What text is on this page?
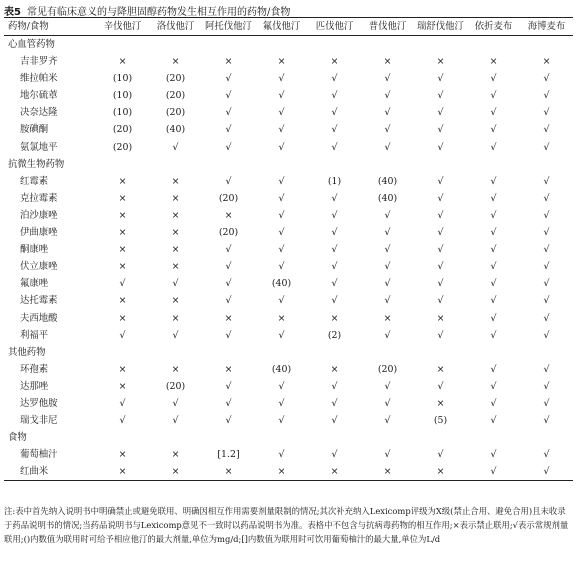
表5 常见有临床意义的与降胆固醇药物发生相互作用的药物/食物
药物/食物	辛伐他汀	洛伐他汀	阿托伐他汀	氟伐他汀	匹伐他汀	普伐他汀	瑞舒伐他汀	依折麦布	海博麦布
心血管药物									
吉非罗齐	×	×	×	×	×	×	×	×	×
维拉帕米	(10)	(20)	√	√	√	√	√	√	√
地尔硫䓬	(10)	(20)	√	√	√	√	√	√	√
决奈达隆	(10)	(20)	√	√	√	√	√	√	√
胺碘酮	(20)	(40)	√	√	√	√	√	√	√
氨氯地平	(20)	√	√	√	√	√	√	√	√
抗微生物药物									
红霉素	×	×	√	√	(1)	(40)	√	√	√
克拉霉素	×	×	(20)	√	√	(40)	√	√	√
泊沙康唑	×	×	×	√	√	√	√	√	√
伊曲康唑	×	×	(20)	√	√	√	√	√	√
酮康唑	×	×	√	√	√	√	√	√	√
伏立康唑	×	×	√	√	√	√	√	√	√
氟康唑	√	√	√	(40)	√	√	√	√	√
达托霉素	×	×	√	√	√	√	√	√	√
夫西地酸	×	×	×	×	×	×	×	√	√
利福平	√	√	√	√	(2)	√	√	√	√
其他药物									
环孢素	×	×	×	(40)	×	(20)	×	√	√
达那唑	×	(20)	√	√	√	√	√	√	√
达罗他胺	√	√	√	√	√	√	×	√	√
瑞戈非尼	√	√	√	√	√	√	(5)	√	√
食物									
葡萄柚汁	×	×	[1.2]	√	√	√	√	√	√
红曲米	×	×	×	×	×	×	×	√	√
注:表中首先纳入说明书中明确禁止或避免联用、明确因相互作用需要剂量限制的情况;其次补充纳入Lexicomp评级为X级(禁止合用、避免合用)且未收录于药品说明书的情况;当药品说明书与Lexicomp意见不一致时以药品说明书为准。表格中不包含与抗病毒药物的相互作用;×表示禁止联用;√表示常规剂量联用;()内数值为联用时可给予相应他汀的最大剂量,单位为mg/d;[]内数值为联用时可饮用葡萄柚汁的最大量,单位为L/d
